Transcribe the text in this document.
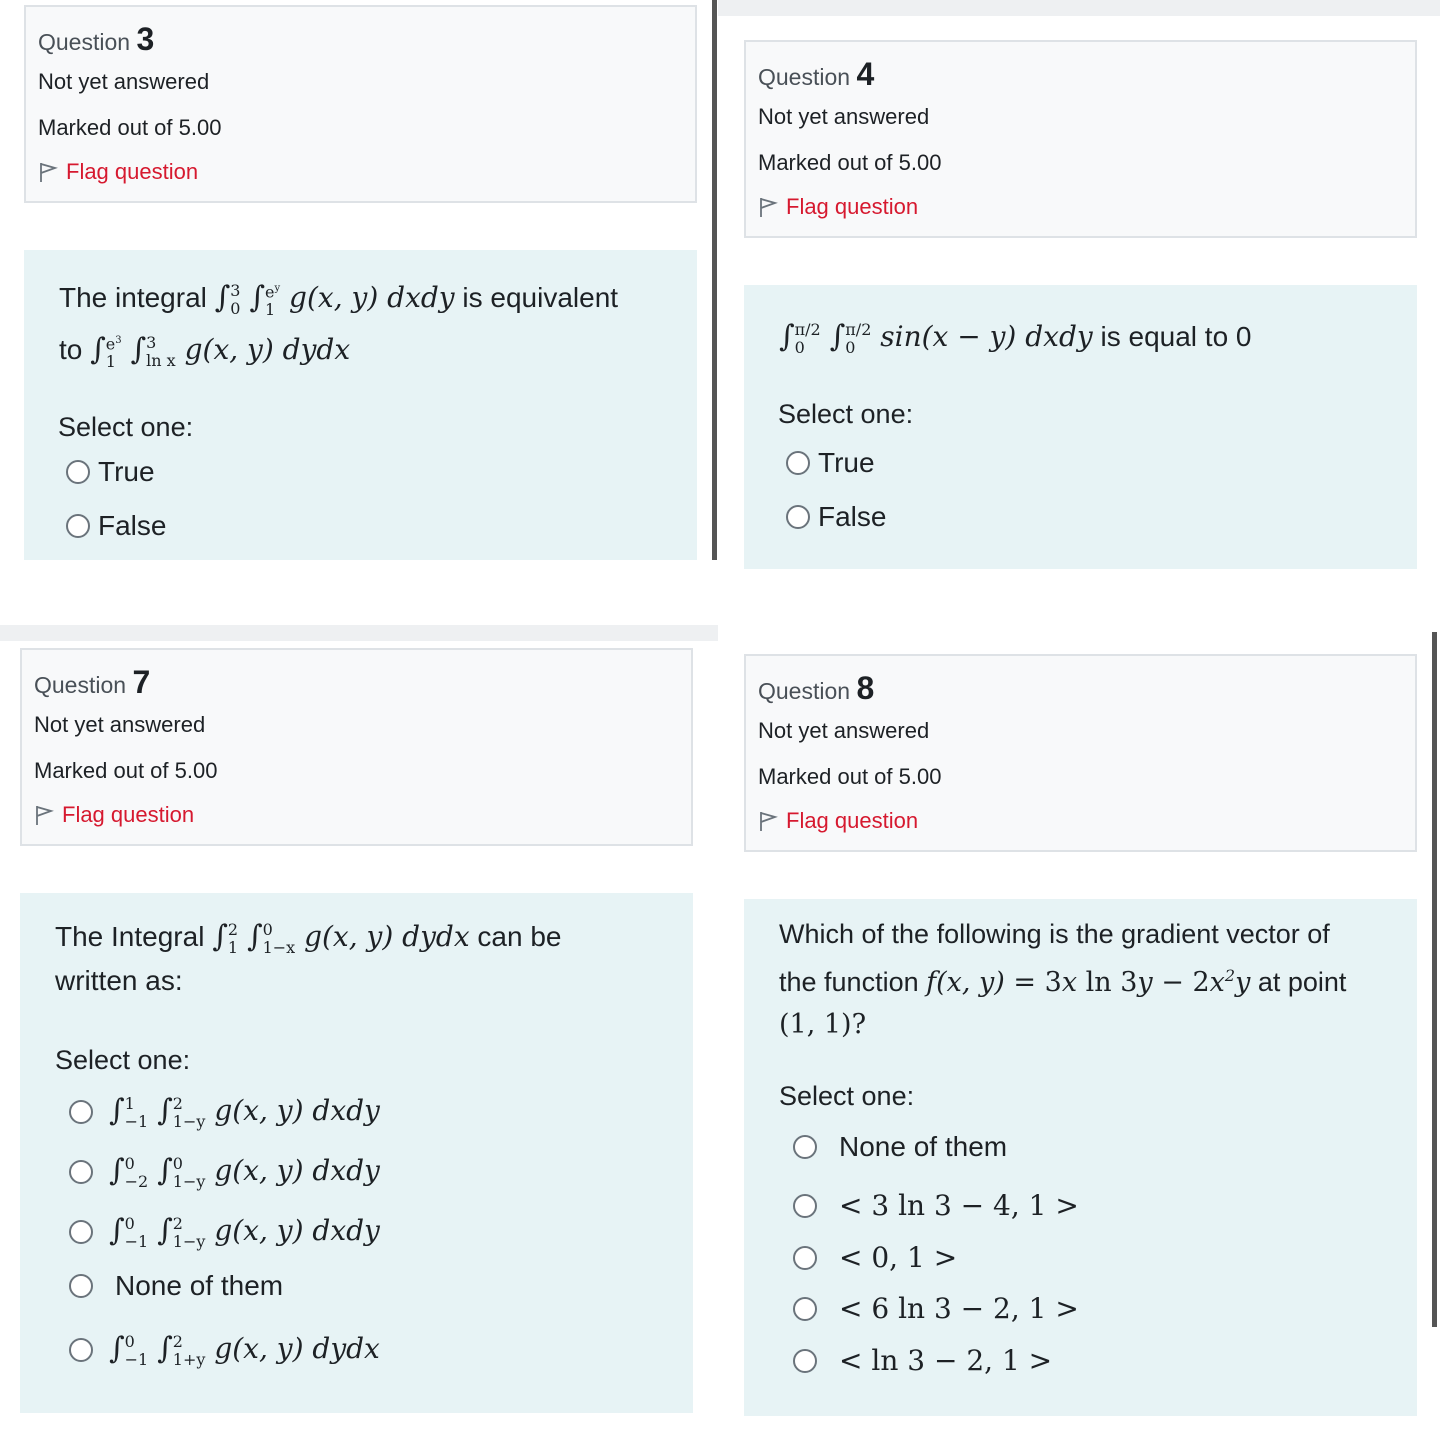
Question 3
Not yet answered
Marked out of 5.00
Flag question
The integral ∫ 3
0 ∫ $e^y$
1 g(x, y) dxdy is equivalent
to ∫ $e^3$
1 ∫ 3
ln x g(x, y) dydx
Select one:
True
False
Question 4
Not yet answered
Marked out of 5.00
Flag question
∫ π/2
0 ∫ π/2
0 sin(x − y) dxdy is equal to 0
Select one:
True
False
Question 7
Not yet answered
Marked out of 5.00
Flag question
The Integral ∫ 2
1 ∫ 0
1−x g(x, y) dydx can be
written as:
Select one:
∫ 1
−1 ∫ 2
1−y g(x, y) dxdy
∫ 0
−2 ∫ 0
1−y g(x, y) dxdy
∫ 0
−1 ∫ 2
1−y g(x, y) dxdy
None of them
∫ 0
−1 ∫ 2
1+y g(x, y) dydx
Question 8
Not yet answered
Marked out of 5.00
Flag question
Which of the following is the gradient vector of
the function f(x, y) = 3x $\ln 3y - 2x^2y$ at point
(1, 1)?
Select one:
None of them
< 3 ln 3 − 4, 1 >
< 0, 1 >
< 6 ln 3 − 2, 1 >
< ln 3 − 2, 1 >
